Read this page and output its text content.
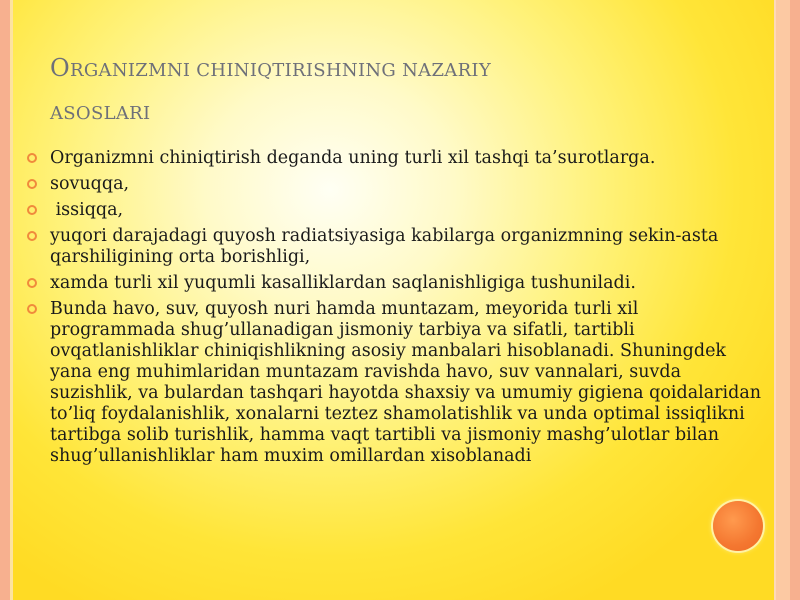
ORGANIZMNI CHINIQTIRISHNING NAZARIY
ASOSLARI
Organizmni chiniqtirish deganda uning turli xil tashqi ta’surotlarga.
sovuqqa,
issiqqa,
yuqori darajadagi quyosh radiatsiyasiga kabilarga organizmning sekin-asta qarshiligining orta borishligi,
xamda turli xil yuqumli kasalliklardan saqlanishligiga tushuniladi.
Bunda havo, suv, quyosh nuri hamda muntazam, meyorida turli xil programmada shug’ullanadigan jismoniy tarbiya va sifatli, tartibli ovqatlanishliklar chiniqishlikning asosiy manbalari hisoblanadi. Shuningdek yana eng muhimlaridan muntazam ravishda havo, suv vannalari, suvda suzishlik, va bulardan tashqari hayotda shaxsiy va umumiy gigiena qoidalaridan to’liq foydalanishlik, xonalarni teztez shamolatishlik va unda optimal issiqlikni tartibga solib turishlik, hamma vaqt tartibli va jismoniy mashg’ulotlar bilan shug’ullanishliklar ham muxim omillardan xisoblanadi
